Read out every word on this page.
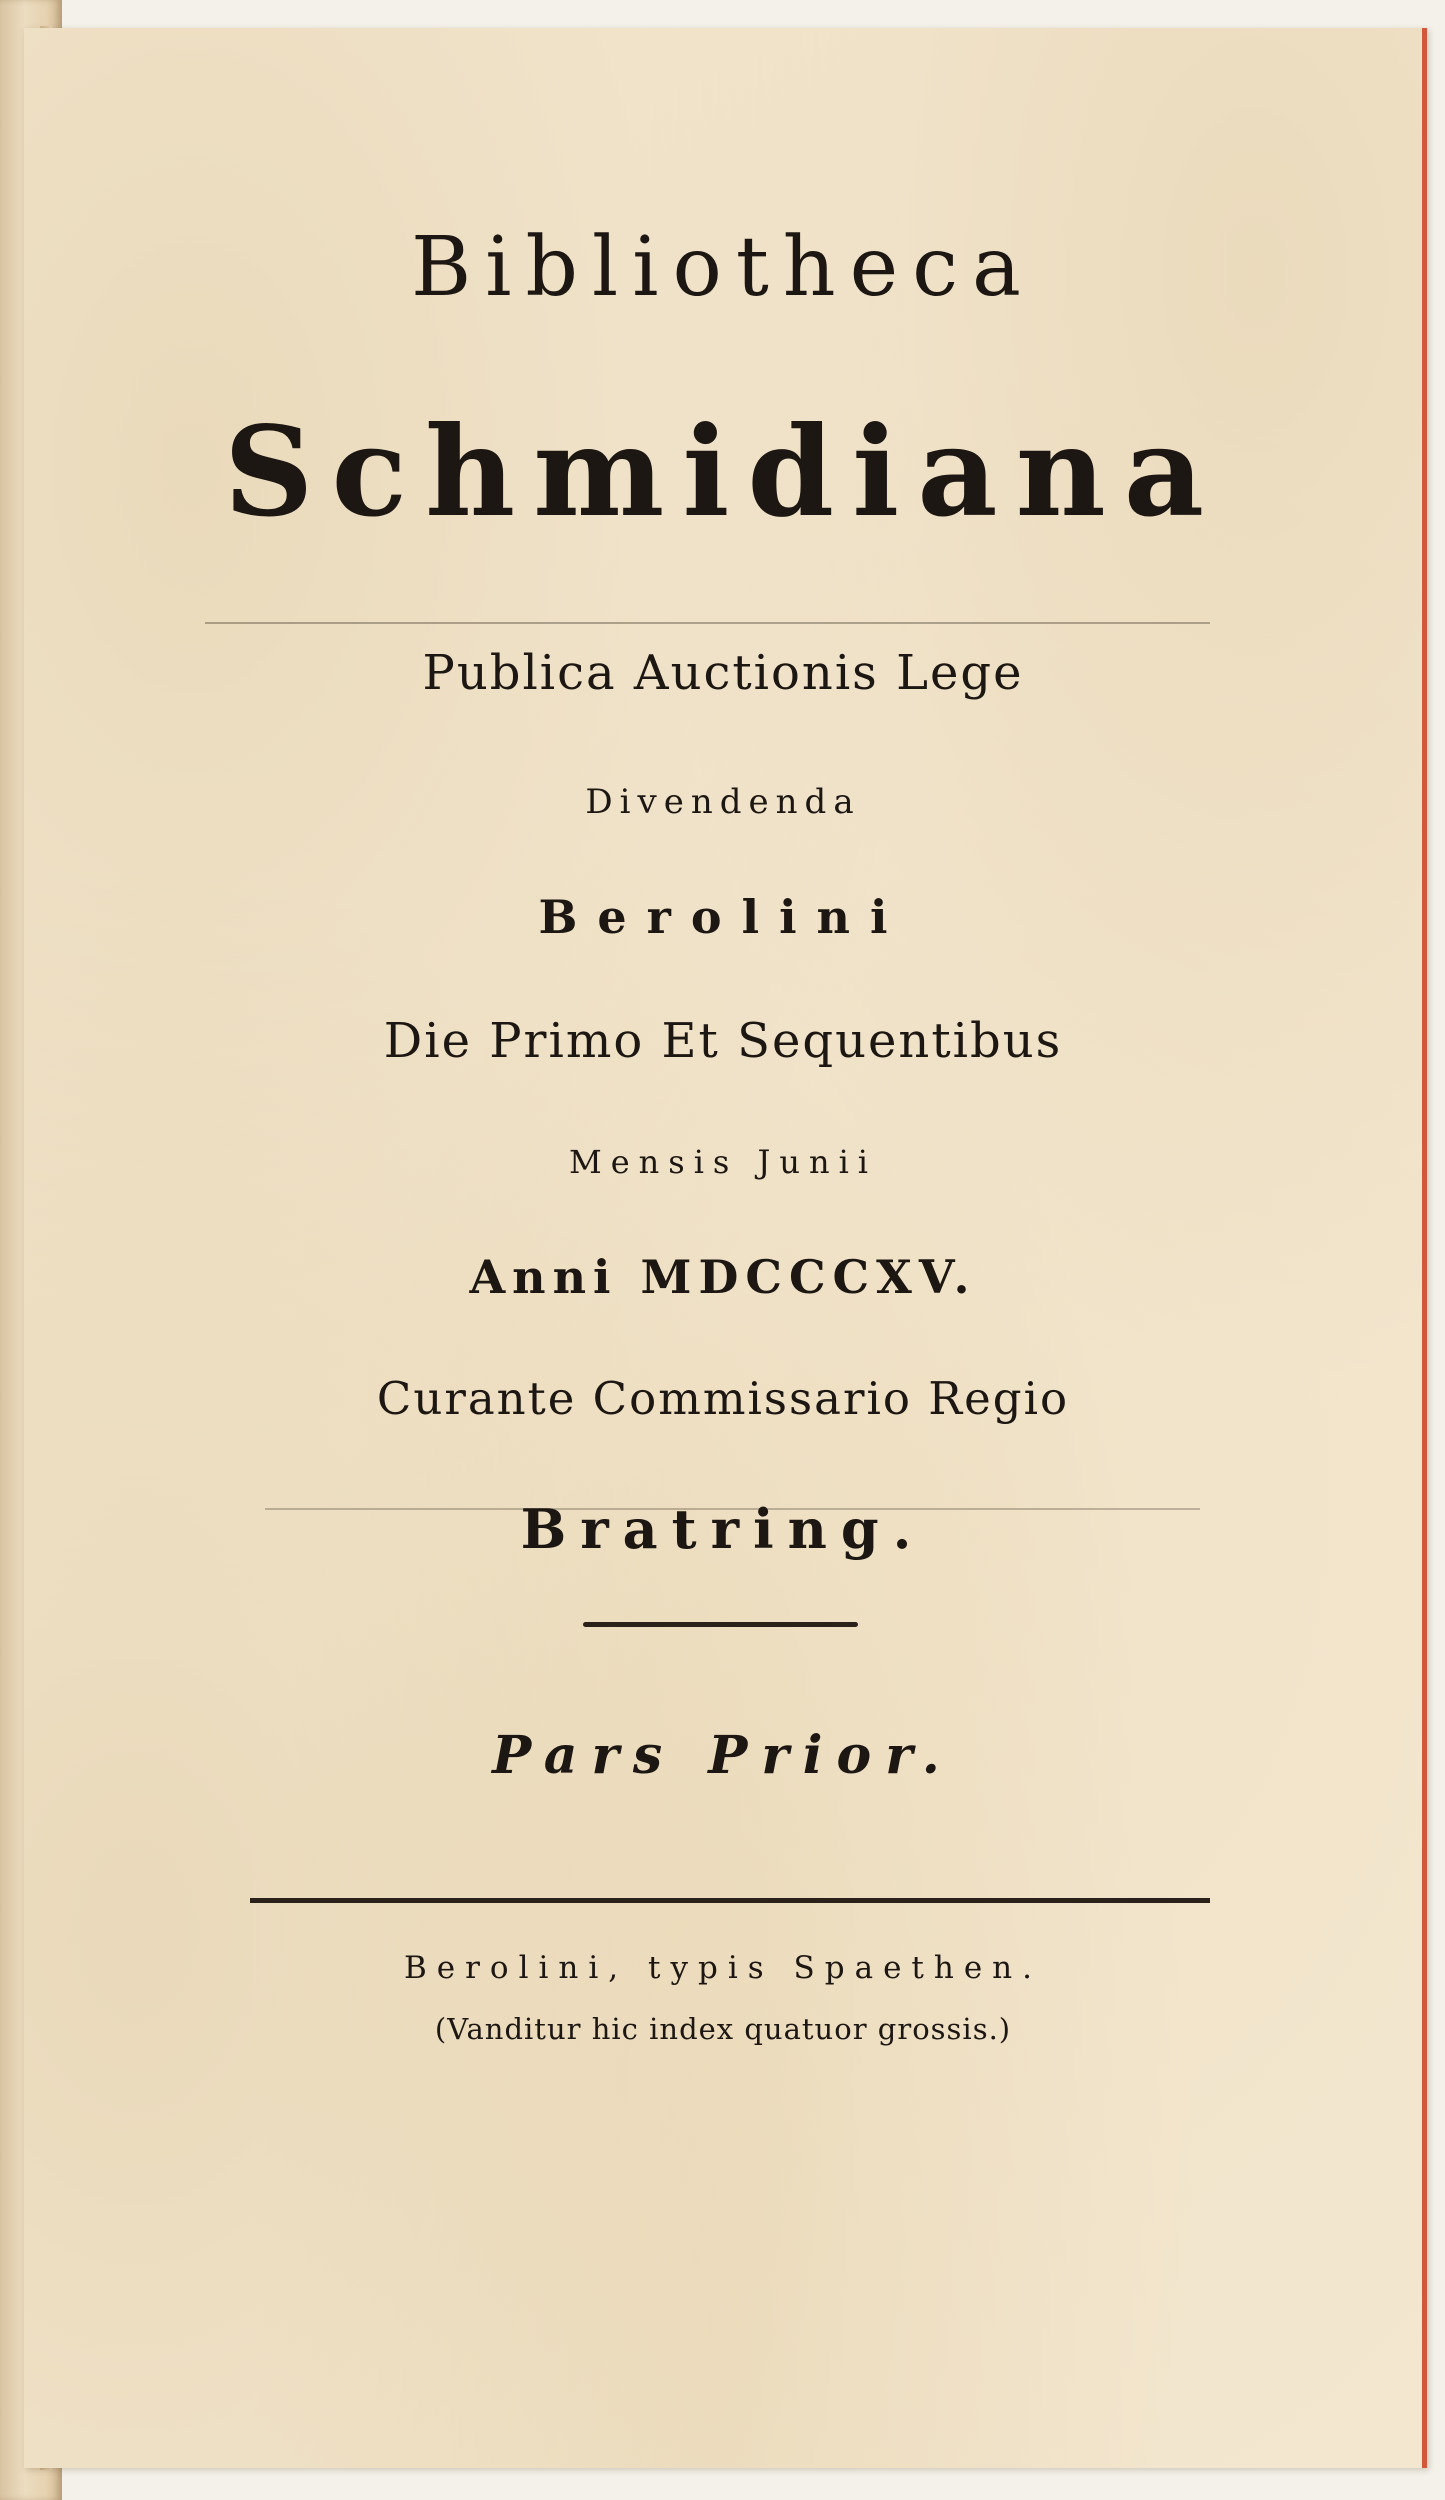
Bibliotheca
Schmidiana
Publica Auctionis Lege
Divendenda
Berolini
Die Primo Et Sequentibus
Mensis Junii
Anni MDCCCXV.
Curante Commissario Regio
Bratring.
Pars Prior.
Berolini, typis Spaethen.
(Vanditur hic index quatuor grossis.)
